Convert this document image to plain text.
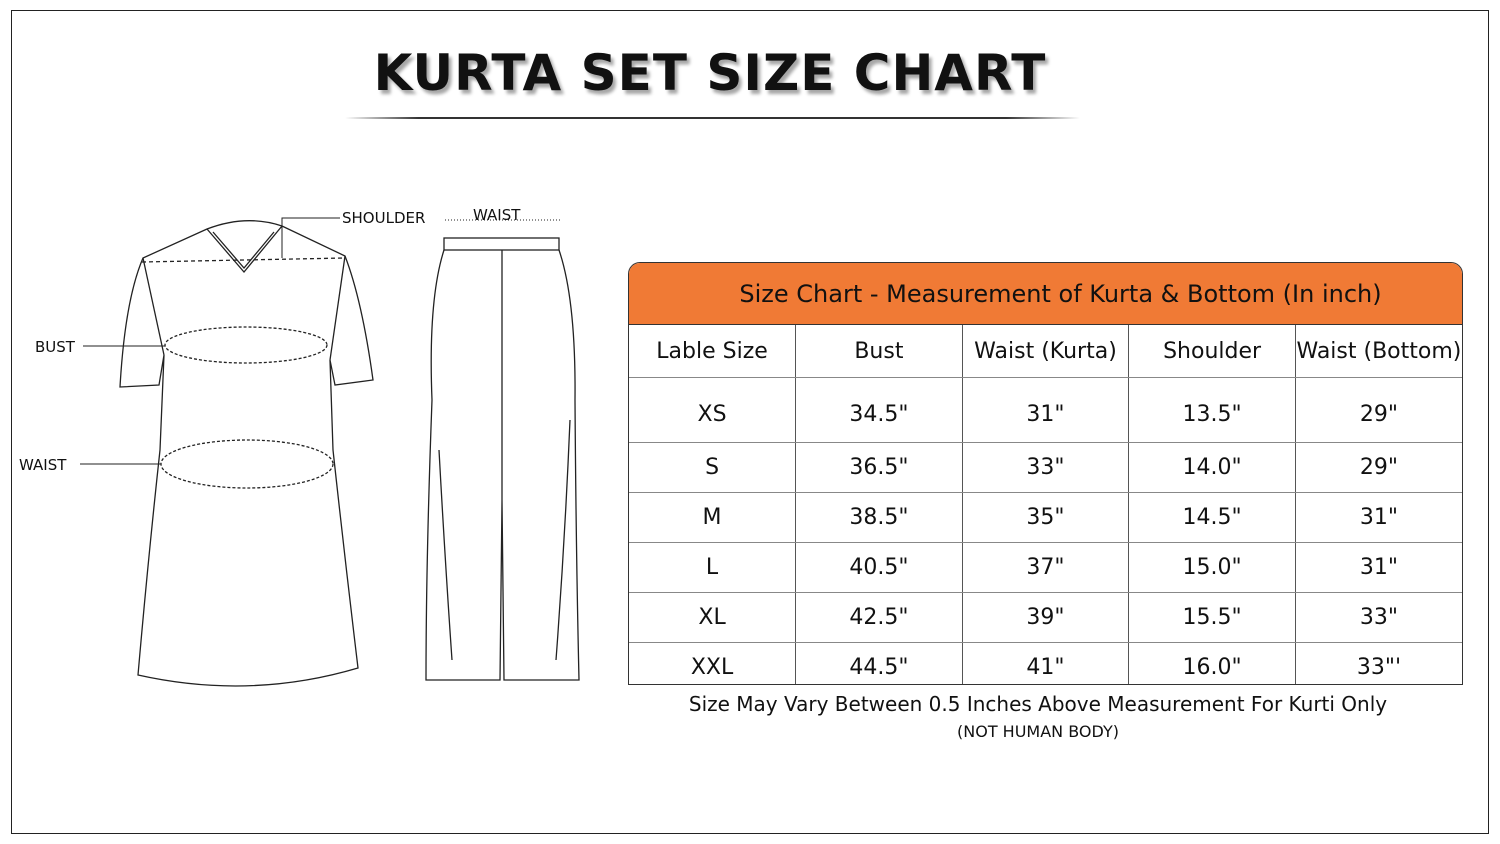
KURTA SET SIZE CHART
SHOULDER
BUST
WAIST
WAIST
Size Chart - Measurement of Kurta & Bottom (In inch)
Lable Size	Bust	Waist (Kurta)	Shoulder	Waist (Bottom)
XS	34.5"	31"	13.5"	29"
S	36.5"	33"	14.0"	29"
M	38.5"	35"	14.5"	31"
L	40.5"	37"	15.0"	31"
XL	42.5"	39"	15.5"	33"
XXL	44.5"	41"	16.0"	33"'
Size May Vary Between 0.5 Inches Above Measurement For Kurti Only
(NOT HUMAN BODY)
